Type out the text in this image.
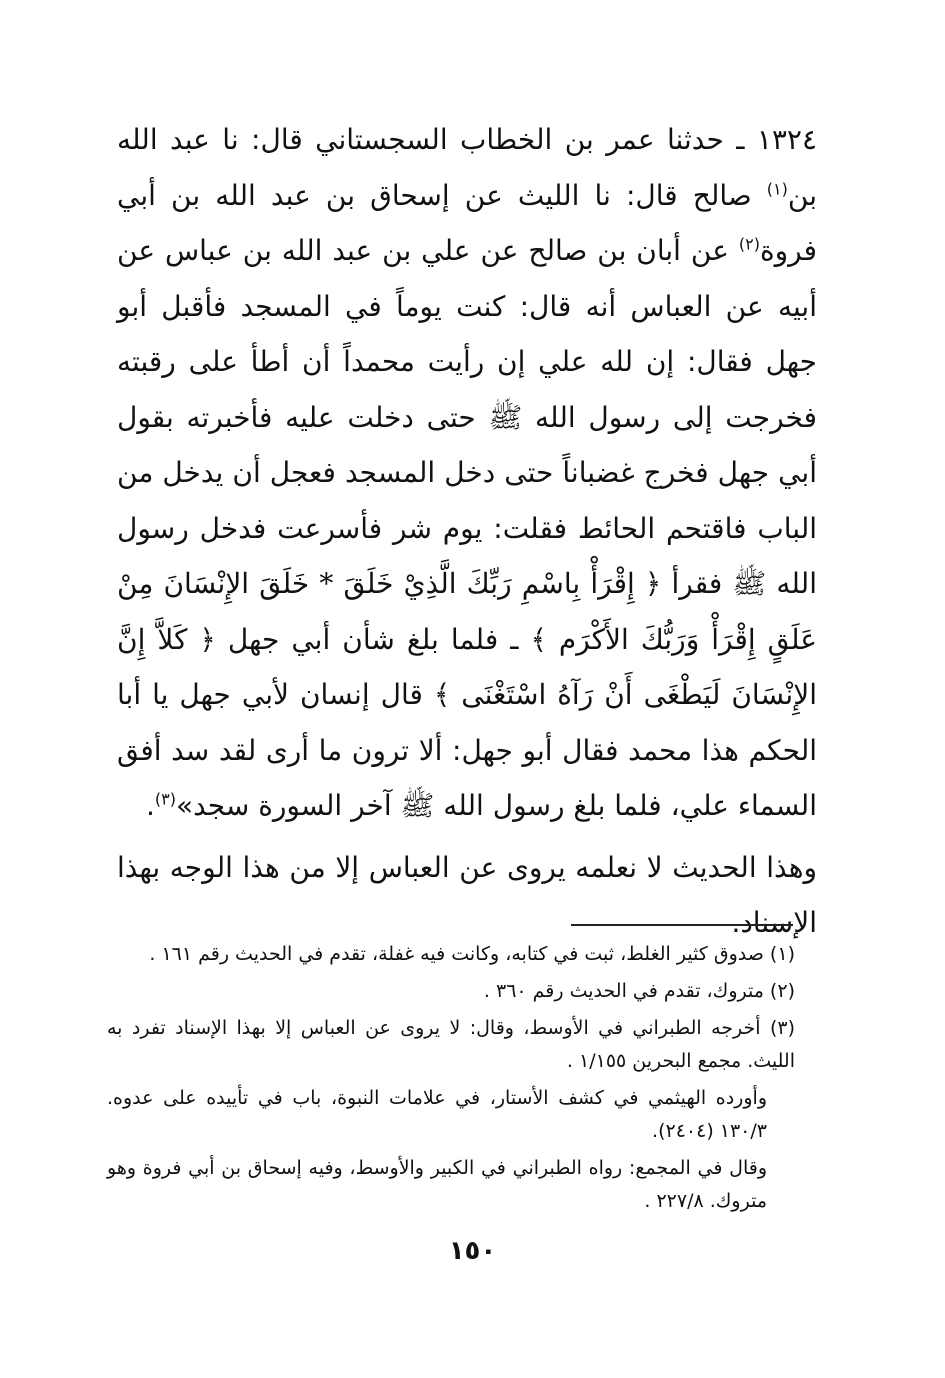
١٣٢٤ ـ حدثنا عمر بن الخطاب السجستاني قال: نا عبد الله بن$^{(١)}$ صالح قال: نا الليث عن إسحاق بن عبد الله بن أبي فروة$^{(٢)}$ عن أبان بن صالح عن علي بن عبد الله بن عباس عن أبيه عن العباس أنه قال: كنت يوماً في المسجد فأقبل أبو جهل فقال: إن لله علي إن رأيت محمداً أن أطأ على رقبته فخرجت إلى رسول الله ﷺ حتى دخلت عليه فأخبرته بقول أبي جهل فخرج غضباناً حتى دخل المسجد فعجل أن يدخل من الباب فاقتحم الحائط فقلت: يوم شر فأسرعت فدخل رسول الله ﷺ فقرأ ﴿ إِقْرَأْ بِاسْمِ رَبِّكَ الَّذِيْ خَلَقَ * خَلَقَ الإِنْسَانَ مِنْ عَلَقٍ إِقْرَأْ وَرَبُّكَ الأَكْرَم ﴾ ـ فلما بلغ شأن أبي جهل ﴿ كَلاَّ إِنَّ الإِنْسَانَ لَيَطْغَى أَنْ رَآهُ اسْتَغْنَى ﴾ قال إنسان لأبي جهل يا أبا الحكم هذا محمد فقال أبو جهل: ألا ترون ما أرى لقد سد أفق السماء علي، فلما بلغ رسول الله ﷺ آخر السورة سجد»$^{(٣)}$.

وهذا الحديث لا نعلمه يروى عن العباس إلا من هذا الوجه بهذا الإسناد.

(١) صدوق كثير الغلط، ثبت في كتابه، وكانت فيه غفلة، تقدم في الحديث رقم ١٦١ .

(٢) متروك، تقدم في الحديث رقم ٣٦٠ .

(٣) أخرجه الطبراني في الأوسط، وقال: لا يروى عن العباس إلا بهذا الإسناد تفرد به الليث. مجمع البحرين ١/١٥٥ .

وأورده الهيثمي في كشف الأستار، في علامات النبوة، باب في تأييده على عدوه. ١٣٠/٣ (٢٤٠٤).

وقال في المجمع: رواه الطبراني في الكبير والأوسط، وفيه إسحاق بن أبي فروة وهو متروك. ٢٢٧/٨ .

١٥٠
